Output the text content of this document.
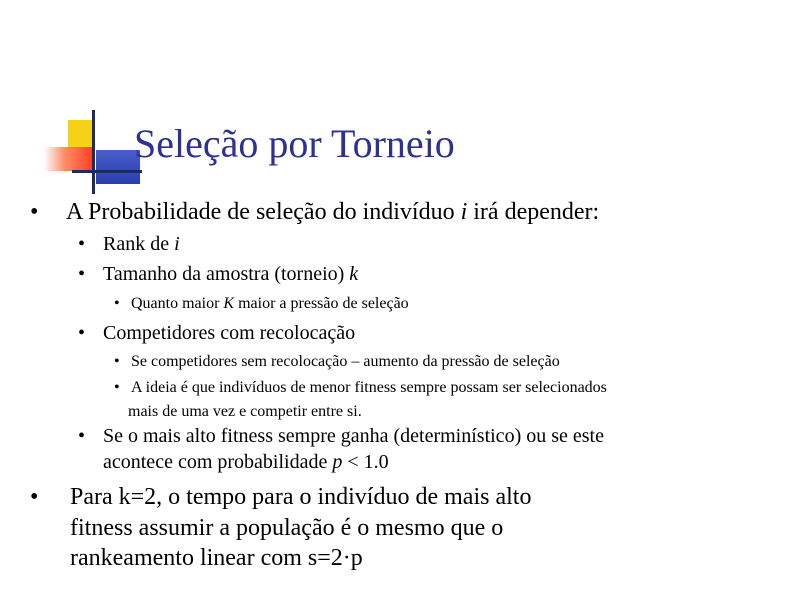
Seleção por Torneio
• A Probabilidade de seleção do indivíduo i irá depender:
• Rank de i
• Tamanho da amostra (torneio) k
• Quanto maior K maior a pressão de seleção
• Competidores com recolocação
• Se competidores sem recolocação – aumento da pressão de seleção
• A ideia é que indivíduos de menor fitness sempre possam ser selecionados
mais de uma vez e competir entre si.
• Se o mais alto fitness sempre ganha (determinístico) ou se este
acontece com probabilidade p < 1.0
• Para k=2, o tempo para o indivíduo de mais alto
fitness assumir a população é o mesmo que o
rankeamento linear com s=2·p
